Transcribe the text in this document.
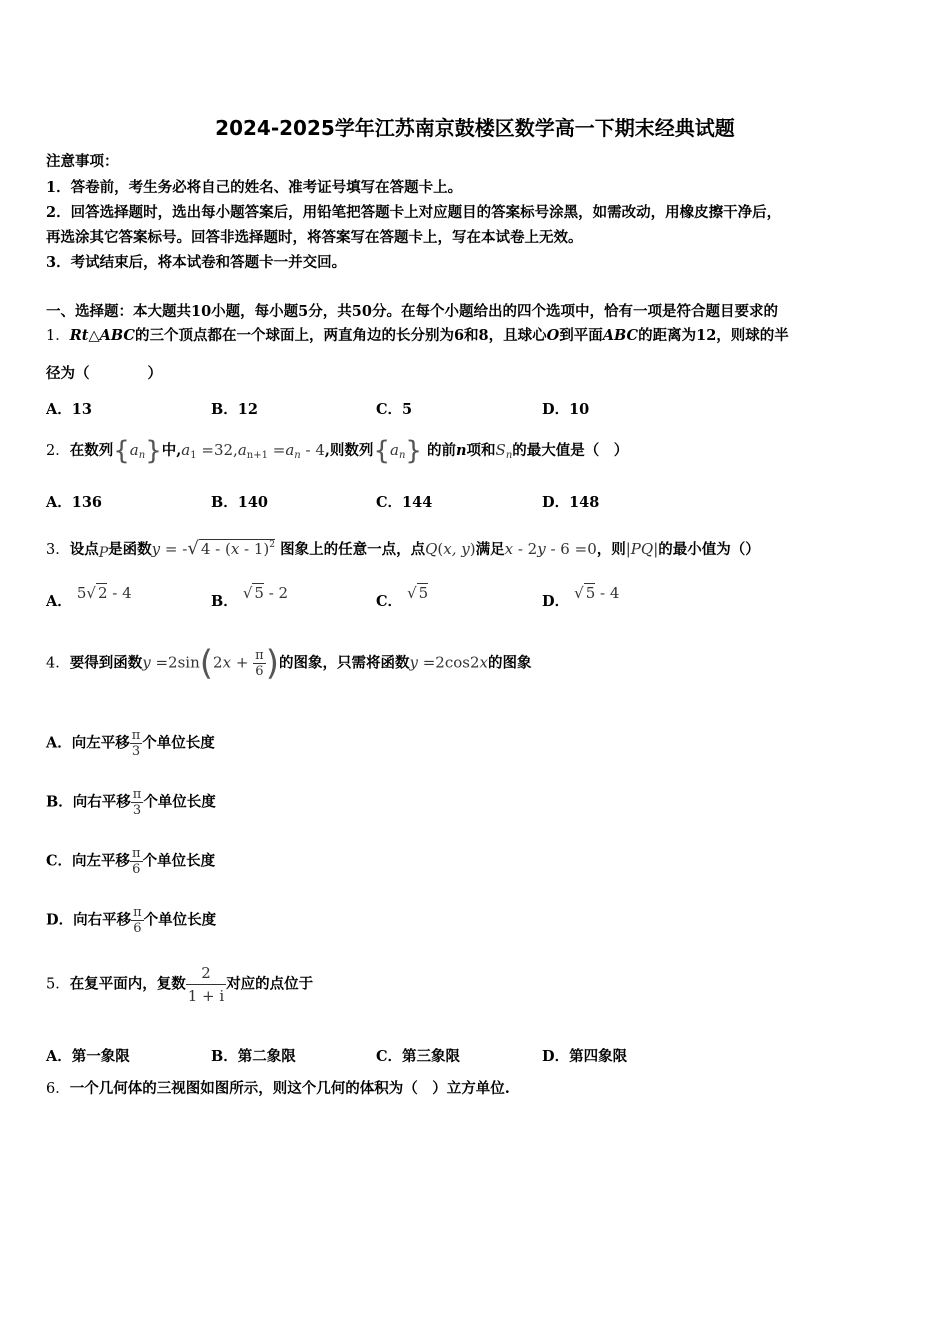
2024-2025学年江苏南京鼓楼区数学高一下期末经典试题
注意事项：
1．答卷前，考生务必将自己的姓名、准考证号填写在答题卡上。
2．回答选择题时，选出每小题答案后，用铅笔把答题卡上对应题目的答案标号涂黑，如需改动，用橡皮擦干净后，
再选涂其它答案标号。回答非选择题时，将答案写在答题卡上，写在本试卷上无效。
3．考试结束后，将本试卷和答题卡一并交回。
一、选择题：本大题共10小题，每小题5分，共50分。在每个小题给出的四个选项中，恰有一项是符合题目要求的
1．Rt△ABC的三个顶点都在一个球面上，两直角边的长分别为6和8，且球心O到平面ABC的距离为12，则球的半
径为（　　　　）
A．13	B．12	C．5	D．10
2．在数列$\{a_n\}$中$,a_1 =32,a_{n+1} =a_n - 4$,则数列$\{a_n\}$ 的前n项和$S_n$的最大值是（　）
A．136	B．140	C．144	D．148
3．设点P是函数y = -√ 4 - (x - 1)$^2$ 图象上的任意一点，点Q(x, y)满足x - 2y - 6 =0，则|PQ|的最小值为（）
A． 5√ 2 - 4	B． √ 5 - 2	C． √ 5	D． √ 5 - 4
4．要得到函数$y =2\sin(2x + \frac{\pi}{6}$ )的图象，只需将函数y =2cos2x的图象
A．向左平移 $\frac{\pi}{3}$ 个单位长度
B．向右平移 $\frac{\pi}{3}$ 个单位长度
C．向左平移 $\frac{\pi}{6}$ 个单位长度
D．向右平移 $\frac{\pi}{6}$ 个单位长度
5．在复平面内，复数 $\frac{2}{1 + i}$ 对应的点位于
A．第一象限	B．第二象限	C．第三象限	D．第四象限
6．一个几何体的三视图如图所示，则这个几何的体积为（　）立方单位.
